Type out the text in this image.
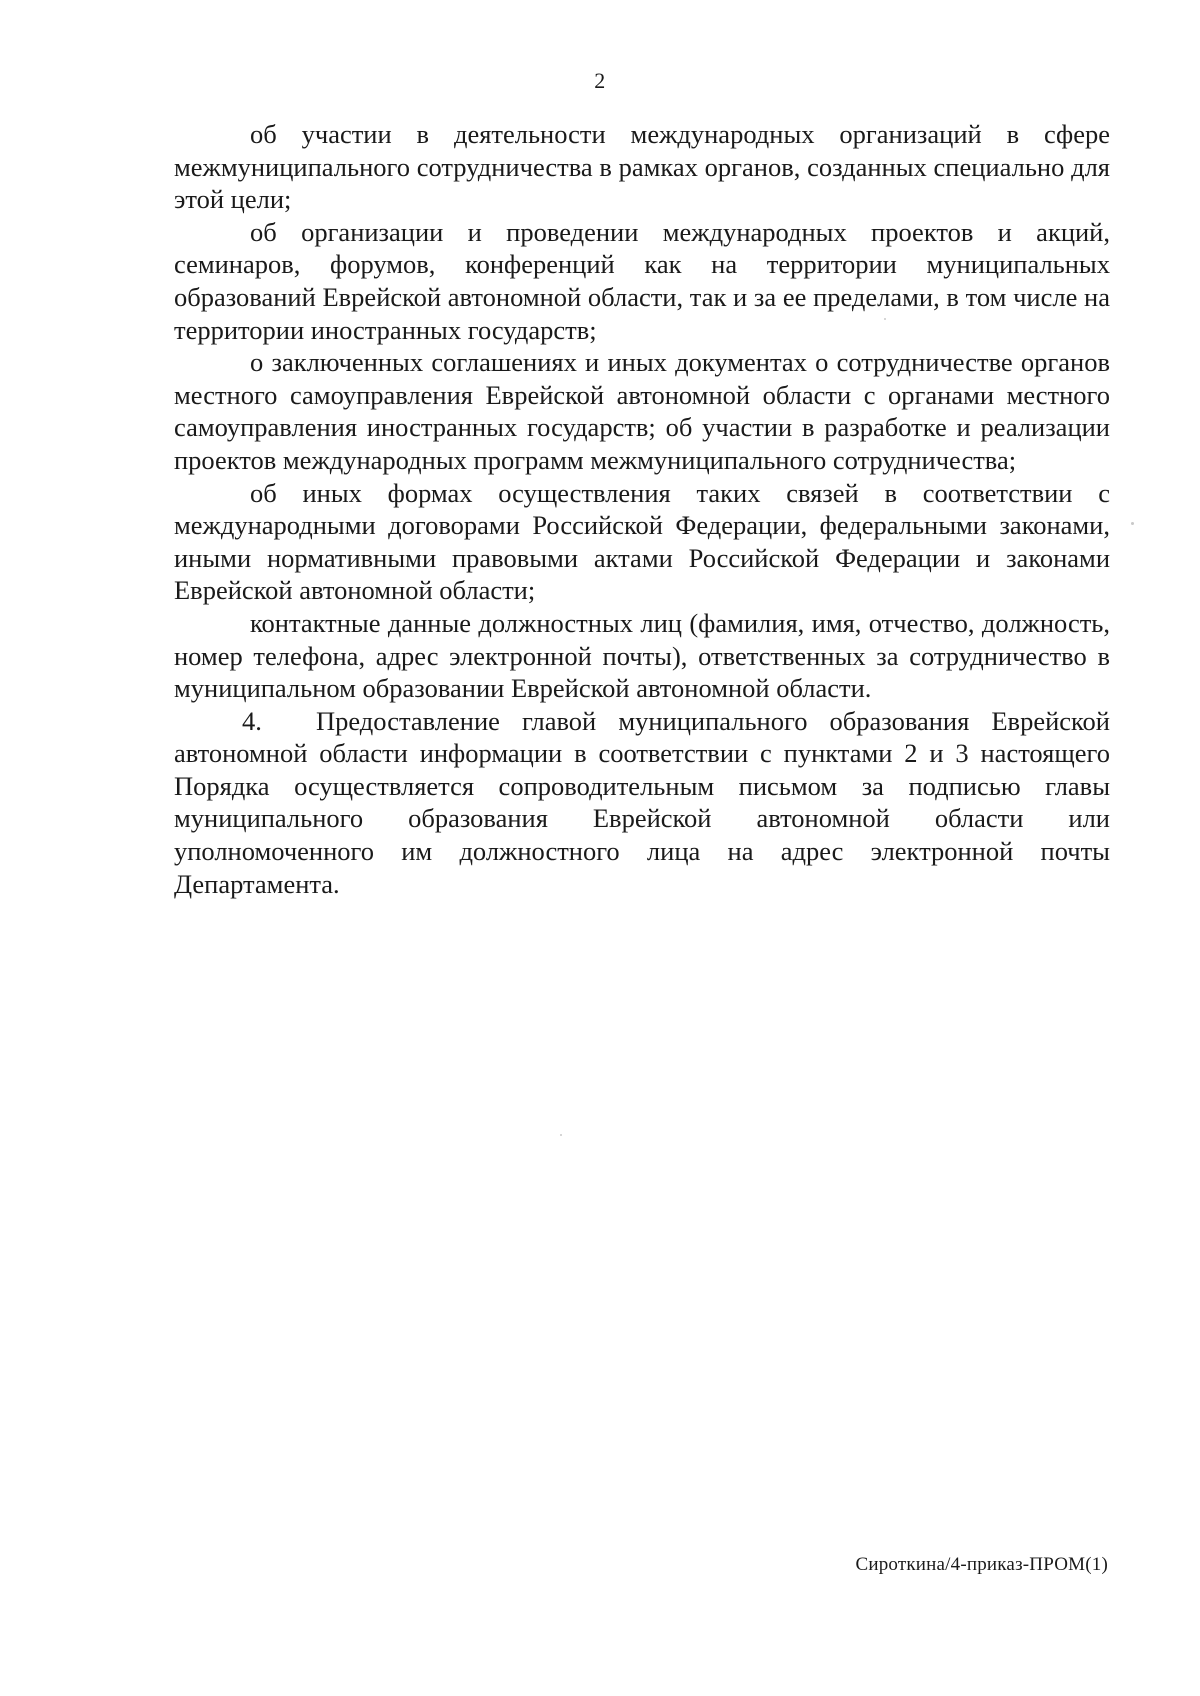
2

об участии в деятельности международных организаций в сфере межмуниципального сотрудничества в рамках органов, созданных специально для этой цели;

об организации и проведении международных проектов и акций, семинаров, форумов, конференций как на территории муниципальных образований Еврейской автономной области, так и за ее пределами, в том числе на территории иностранных государств;

о заключенных соглашениях и иных документах о сотрудничестве органов местного самоуправления Еврейской автономной области с органами местного самоуправления иностранных государств; об участии в разработке и реализации проектов международных программ межмуниципального сотрудничества;

об иных формах осуществления таких связей в соответствии с международными договорами Российской Федерации, федеральными законами, иными нормативными правовыми актами Российской Федерации и законами Еврейской автономной области;

контактные данные должностных лиц (фамилия, имя, отчество, должность, номер телефона, адрес электронной почты), ответственных за сотрудничество в муниципальном образовании Еврейской автономной области.

4. Предоставление главой муниципального образования Еврейской автономной области информации в соответствии с пунктами 2 и 3 настоящего Порядка осуществляется сопроводительным письмом за подписью главы муниципального образования Еврейской автономной области или уполномоченного им должностного лица на адрес электронной почты Департамента.

Сироткина/4-приказ-ПРОМ(1)
